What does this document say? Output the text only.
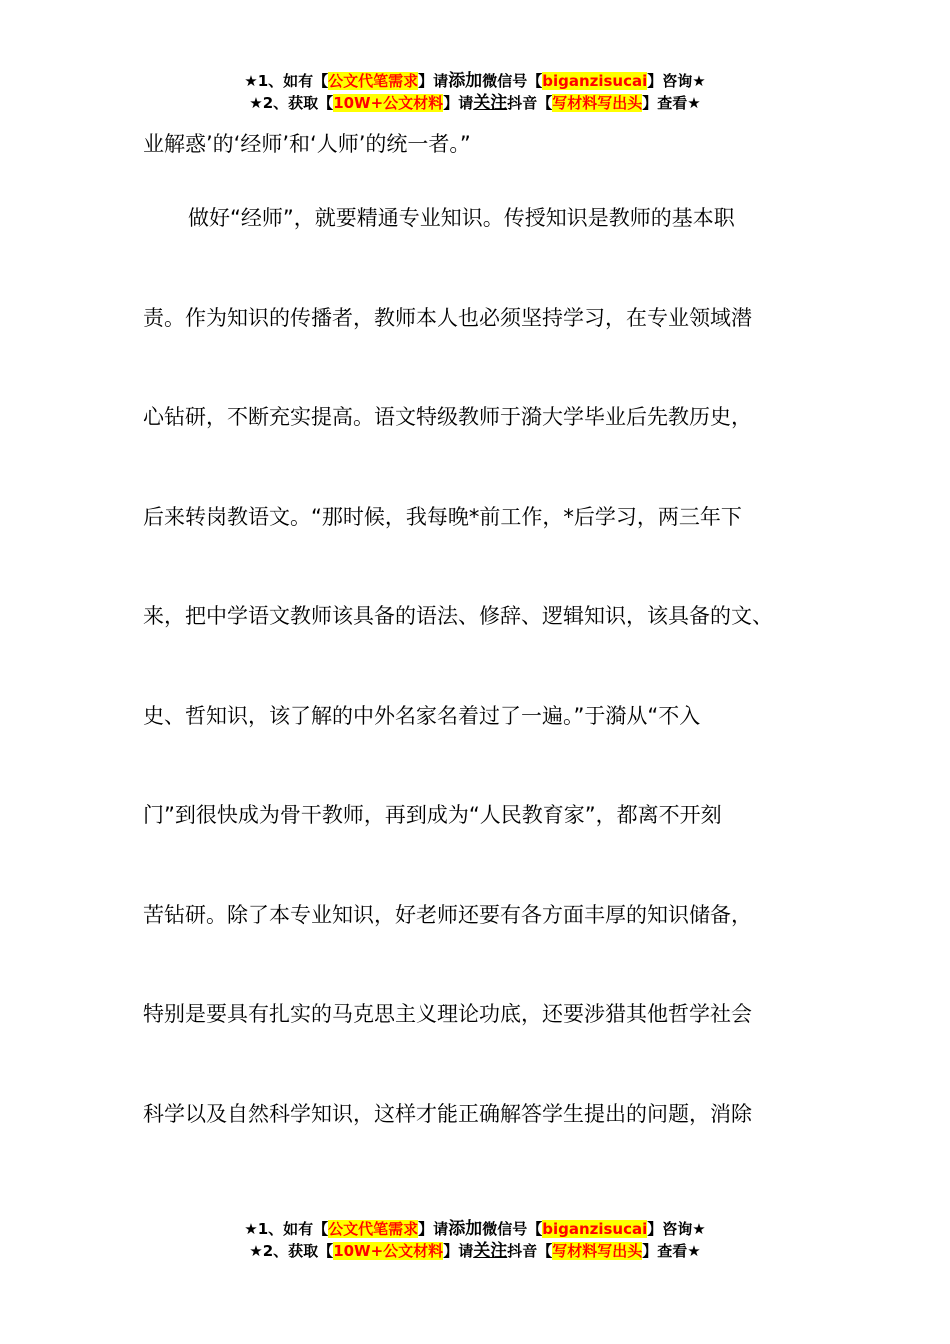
★1、如有【公文代笔需求】请添加微信号【biganzisucai】咨询★
★2、获取【10W+公文材料】请关注抖音【写材料写出头】查看★
业解惑’的‘经师’和‘人师’的统一者。”
做好“经师”，就要精通专业知识。传授知识是教师的基本职
责。作为知识的传播者，教师本人也必须坚持学习，在专业领域潜
心钻研，不断充实提高。语文特级教师于漪大学毕业后先教历史，
后来转岗教语文。“那时候，我每晚*前工作，*后学习，两三年下
来，把中学语文教师该具备的语法、修辞、逻辑知识，该具备的文、
史、哲知识，该了解的中外名家名着过了一遍。”于漪从“不入
门”到很快成为骨干教师，再到成为“人民教育家”，都离不开刻
苦钻研。除了本专业知识，好老师还要有各方面丰厚的知识储备，
特别是要具有扎实的马克思主义理论功底，还要涉猎其他哲学社会
科学以及自然科学知识，这样才能正确解答学生提出的问题，消除
★1、如有【公文代笔需求】请添加微信号【biganzisucai】咨询★
★2、获取【10W+公文材料】请关注抖音【写材料写出头】查看★
